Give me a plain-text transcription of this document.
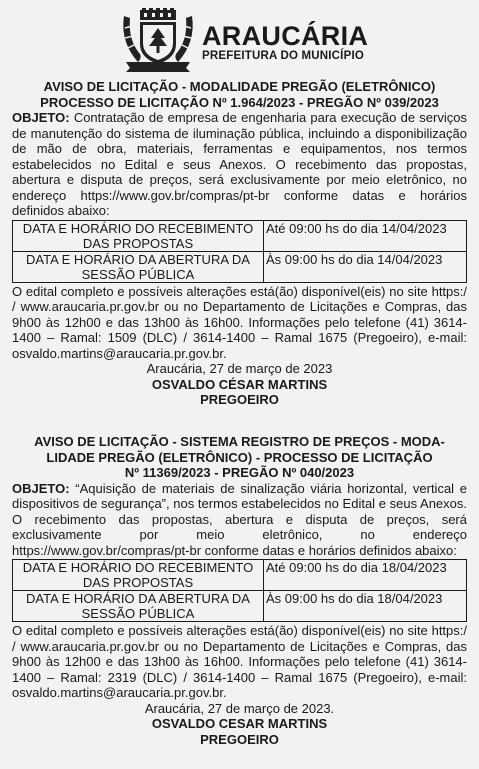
ARAUCÁRIA
PREFEITURA DO MUNICÍPIO
AVISO DE LICITAÇÃO - MODALIDADE PREGÃO (ELETRÔNICO)
PROCESSO DE LICITAÇÃO Nº 1.964/2023 - PREGÃO Nº 039/2023

OBJETO: Contratação de empresa de engenharia para execução de serviços de manutenção do sistema de iluminação pública, incluindo a disponibilização de mão de obra, materiais, ferramentas e equipamentos, nos termos estabelecidos no Edital e seus Anexos. O recebimento das propostas, abertura e disputa de preços, será exclusivamente por meio eletrônico, no endereço https://www.gov.br/compras/pt-br conforme datas e horários definidos abaixo:

DATA E HORÁRIO DO RECEBIMENTO DAS PROPOSTAS	Até 09:00 hs do dia 14/04/2023
DATA E HORÁRIO DA ABERTURA DA SESSÃO PÚBLICA	Às 09:00 hs do dia 14/04/2023

O edital completo e possíveis alterações está(ão) disponível(eis) no site https:/ / www.araucaria.pr.gov.br ou no Departamento de Licitações e Compras, das 9h00 às 12h00 e das 13h00 às 16h00. Informações pelo telefone (41) 3614-1400 – Ramal: 1509 (DLC) / 3614-1400 – Ramal 1675 (Pregoeiro), e-mail: osvaldo.martins@araucaria.pr.gov.br.

Araucária, 27 de março de 2023
OSVALDO CÉSAR MARTINS
PREGOEIRO
AVISO DE LICITAÇÃO - SISTEMA REGISTRO DE PREÇOS - MODA-
LIDADE PREGÃO (ELETRÔNICO) - PROCESSO DE LICITAÇÃO
Nº 11369/2023 - PREGÃO Nº 040/2023

OBJETO: “Aquisição de materiais de sinalização viária horizontal, vertical e dispositivos de segurança”, nos termos estabelecidos no Edital e seus Anexos. O recebimento das propostas, abertura e disputa de preços, será exclusivamente por meio eletrônico, no endereço https://www.gov.br/compras/pt-br conforme datas e horários definidos abaixo:

DATA E HORÁRIO DO RECEBIMENTO DAS PROPOSTAS	Até 09:00 hs do dia 18/04/2023
DATA E HORÁRIO DA ABERTURA DA SESSÃO PÚBLICA	Às 09:00 hs do dia 18/04/2023

O edital completo e possíveis alterações está(ão) disponível(eis) no site https:/ / www.araucaria.pr.gov.br ou no Departamento de Licitações e Compras, das 9h00 às 12h00 e das 13h00 às 16h00. Informações pelo telefone (41) 3614-1400 – Ramal: 2319 (DLC) / 3614-1400 – Ramal 1675 (Pregoeiro), e-mail: osvaldo.martins@araucaria.pr.gov.br.

Araucária, 27 de março de 2023.
OSVALDO CESAR MARTINS
PREGOEIRO
